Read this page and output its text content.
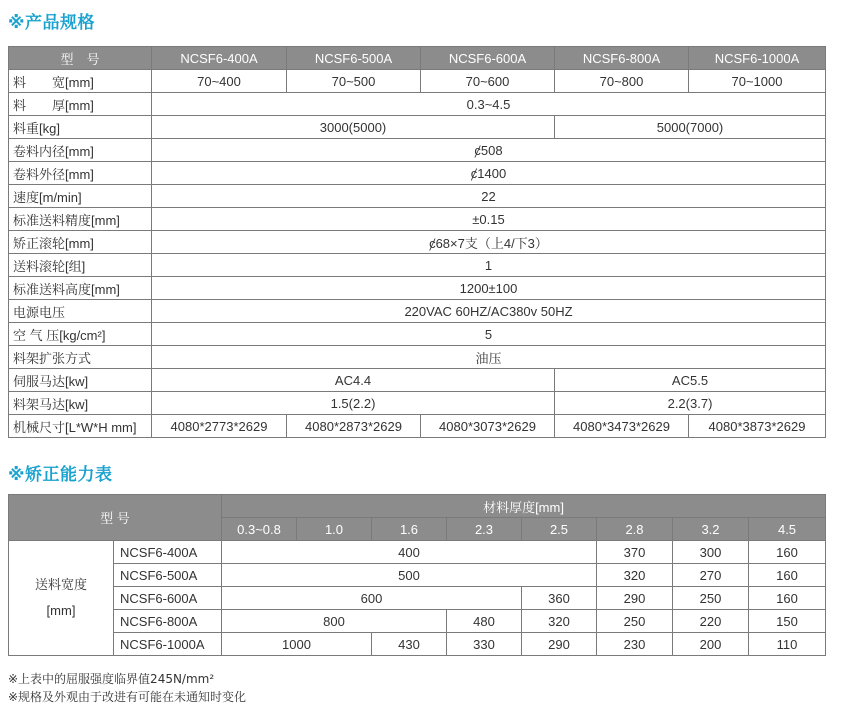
※产品规格
型　号	NCSF6-400A	NCSF6-500A	NCSF6-600A	NCSF6-800A	NCSF6-1000A
料　　宽[mm]	70~400	70~500	70~600	70~800	70~1000
料　　厚[mm]	0.3~4.5				
料重[kg]	3000(5000)			5000(7000)	
卷料内径[mm]	ȼ508				
卷料外径[mm]	ȼ1400				
速度[m/min]	22				
标准送料精度[mm]	±0.15				
矫正滚轮[mm]	ȼ68×7支（上4/下3）				
送料滚轮[组]	1				
标准送料高度[mm]	1200±100				
电源电压	220VAC 60HZ/AC380v 50HZ				
空 气 压[kg/cm²]	5				
料架扩张方式	油压				
伺服马达[kw]	AC4.4			AC5.5	
料架马达[kw]	1.5(2.2)			2.2(3.7)	
机械尺寸[L*W*H mm]	4080*2773*2629	4080*2873*2629	4080*3073*2629	4080*3473*2629	4080*3873*2629
※矫正能力表
型 号		材料厚度[mm]							
		0.3~0.8	1.0	1.6	2.3	2.5	2.8	3.2	4.5

送料宽度
[mm]	NCSF6-400A	400					370	300	160
	NCSF6-500A	500					320	270	160
	NCSF6-600A	600				360	290	250	160
	NCSF6-800A	800			480	320	250	220	150
	NCSF6-1000A	1000		430	330	290	230	200	110
※上表中的屈服强度临界值245N/mm²
※规格及外观由于改进有可能在未通知时变化
